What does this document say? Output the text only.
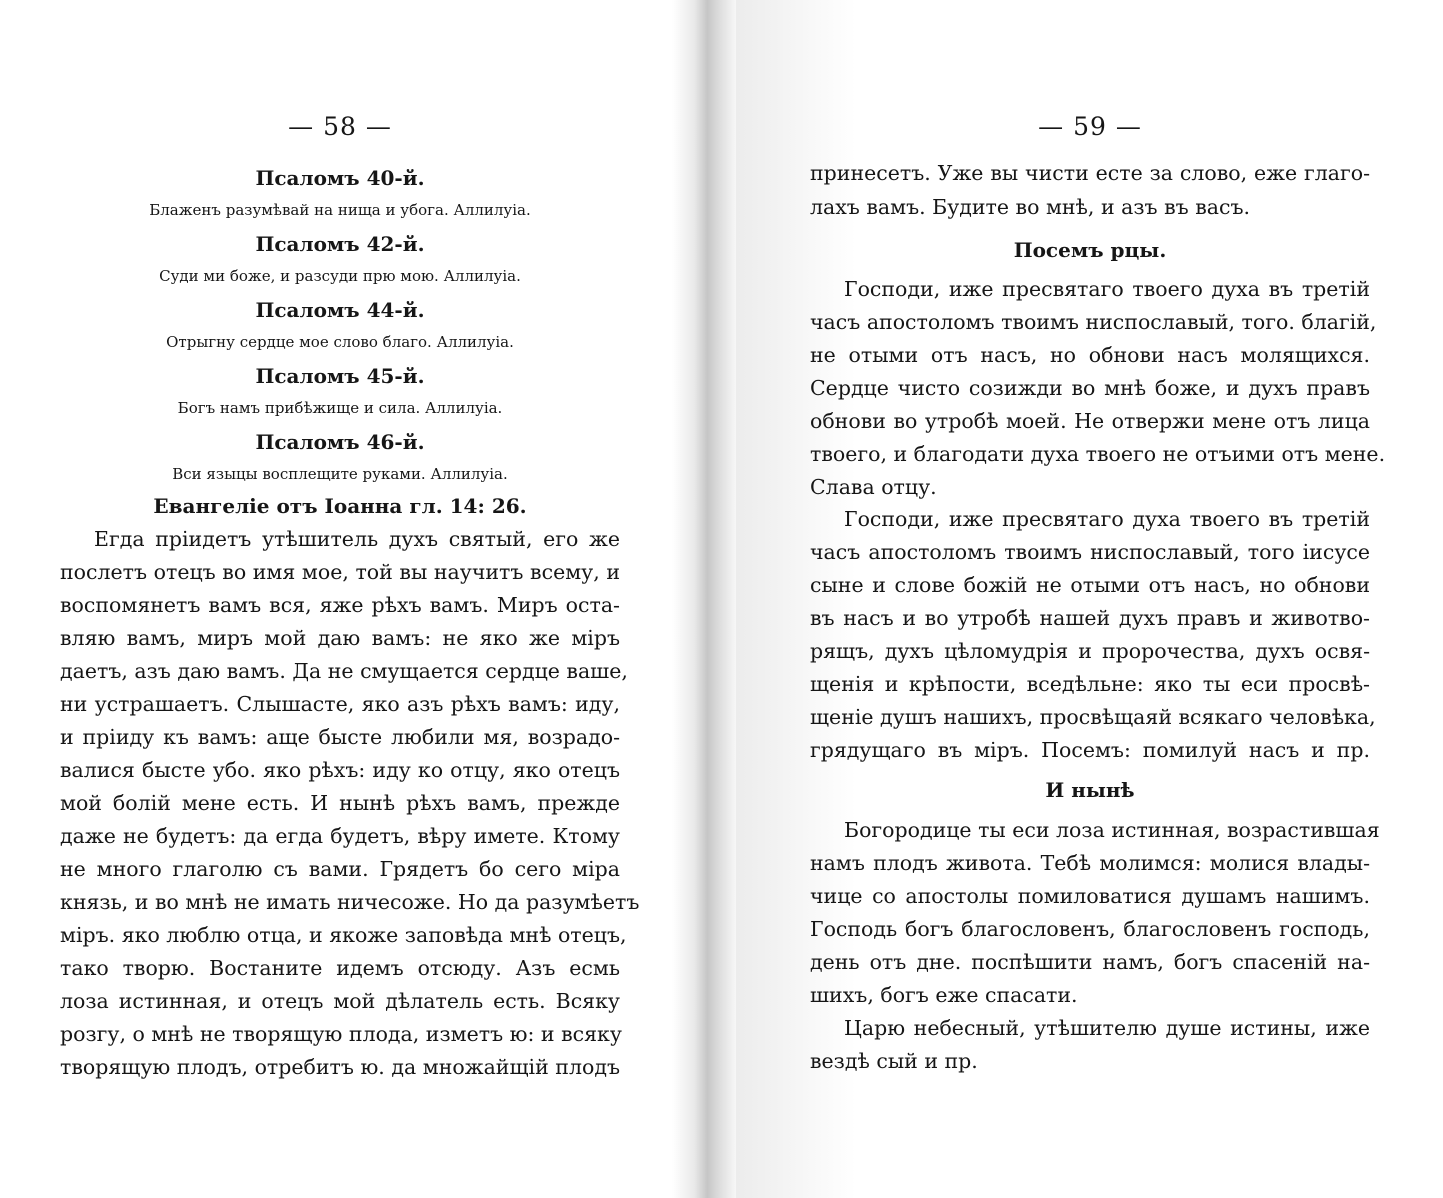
— 58 —
Псаломъ 40-й.
Блаженъ разумѣвай на нища и убога. Аллилуіа.
Псаломъ 42-й.
Суди ми боже, и разсуди прю мою. Аллилуіа.
Псаломъ 44-й.
Отрыгну сердце мое слово благо. Аллилуіа.
Псаломъ 45-й.
Богъ намъ прибѣжище и сила. Аллилуіа.
Псаломъ 46-й.
Вси языцы восплещите руками. Аллилуіа.
Евангеліе отъ Іоанна гл. 14: 26.
Егда пріидетъ утѣшитель духъ святый, его же
послетъ отецъ во имя мое, той вы научитъ всему, и
воспомянетъ вамъ вся, яже рѣхъ вамъ. Миръ оста-
вляю вамъ, миръ мой даю вамъ: не яко же міръ
даетъ, азъ даю вамъ. Да не смущается сердце ваше,
ни устрашаетъ. Слышасте, яко азъ рѣхъ вамъ: иду,
и пріиду къ вамъ: аще бысте любили мя, возрадо-
валися бысте убо. яко рѣхъ: иду ко отцу, яко отецъ
мой болій мене есть. И нынѣ рѣхъ вамъ, прежде
даже не будетъ: да егда будетъ, вѣру имете. Ктому
не много глаголю съ вами. Грядетъ бо сего міра
князь, и во мнѣ не имать ничесоже. Но да разумѣетъ
міръ. яко люблю отца, и якоже заповѣда мнѣ отецъ,
тако творю. Востаните идемъ отсюду. Азъ есмь
лоза истинная, и отецъ мой дѣлатель есть. Всяку
розгу, о мнѣ не творящую плода, изметъ ю: и всяку
творящую плодъ, отребитъ ю. да множайщій плодъ
— 59 —
принесетъ. Уже вы чисти есте за слово, еже глаго-
лахъ вамъ. Будите во мнѣ, и азъ въ васъ.
Посемъ рцы.
Господи, иже пресвятаго твоего духа въ третій
часъ апостоломъ твоимъ ниспославый, того. благій,
не отыми отъ насъ, но обнови насъ молящихся.
Сердце чисто созижди во мнѣ боже, и духъ правъ
обнови во утробѣ моей. Не отвержи мене отъ лица
твоего, и благодати духа твоего не отъими отъ мене.
Слава отцу.
Господи, иже пресвятаго духа твоего въ третій
часъ апостоломъ твоимъ ниспославый, того іисусе
сыне и слове божій не отыми отъ насъ, но обнови
въ насъ и во утробѣ нашей духъ правъ и животво-
рящъ, духъ цѣломудрія и пророчества, духъ освя-
щенія и крѣпости, вседѣльне: яко ты еси просвѣ-
щеніе душъ нашихъ, просвѣщаяй всякаго человѣка,
грядущаго въ міръ. Посемъ: помилуй насъ и пр.
И нынѣ
Богородице ты еси лоза истинная, возрастившая
намъ плодъ живота. Тебѣ молимся: молися влады-
чице со апостолы помиловатися душамъ нашимъ.
Господь богъ благословенъ, благословенъ господь,
день отъ дне. поспѣшити намъ, богъ спасеній на-
шихъ, богъ еже спасати.
Царю небесный, утѣшителю душе истины, иже
вездѣ сый и пр.
